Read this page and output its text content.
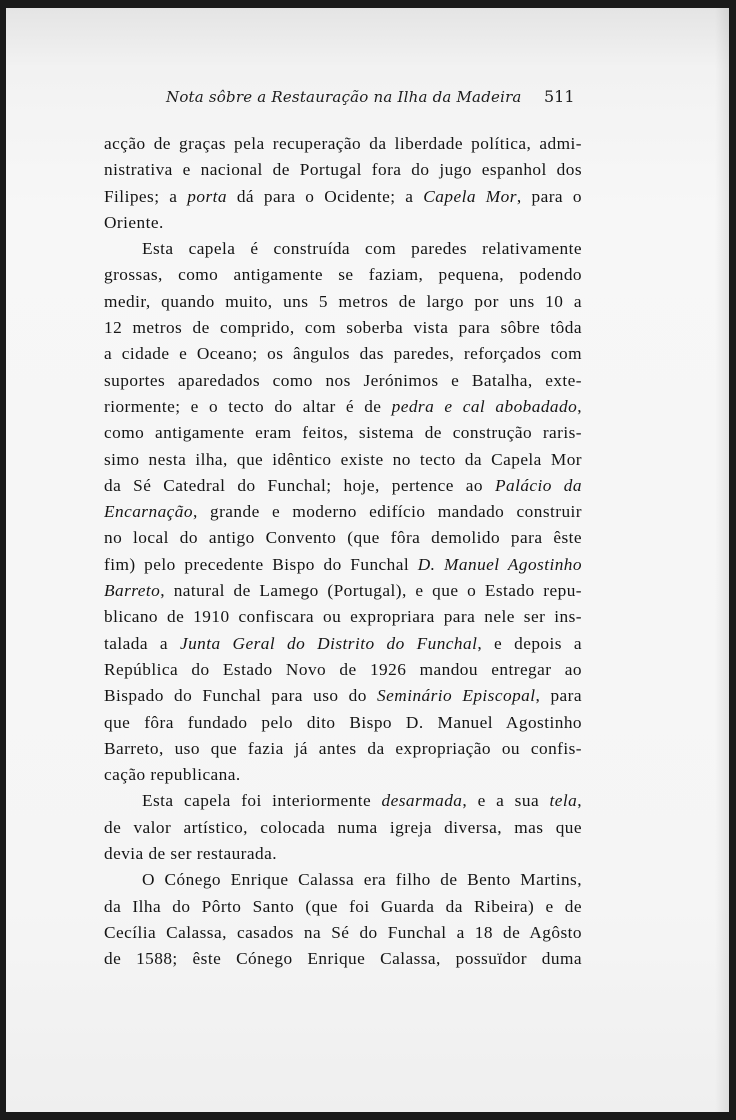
Nota sôbre a Restauração na Ilha da Madeira	511
acção de graças pela recuperação da liberdade política, admi-
nistrativa e nacional de Portugal fora do jugo espanhol dos
Filipes; a porta dá para o Ocidente; a Capela Mor, para o
Oriente.
Esta capela é construída com paredes relativamente
grossas, como antigamente se faziam, pequena, podendo
medir, quando muito, uns 5 metros de largo por uns 10 a
12 metros de comprido, com soberba vista para sôbre tôda
a cidade e Oceano; os ângulos das paredes, reforçados com
suportes aparedados como nos Jerónimos e Batalha, exte-
riormente; e o tecto do altar é de pedra e cal abobadado,
como antigamente eram feitos, sistema de construção raris-
simo nesta ilha, que idêntico existe no tecto da Capela Mor
da Sé Catedral do Funchal; hoje, pertence ao Palácio da
Encarnação, grande e moderno edifício mandado construir
no local do antigo Convento (que fôra demolido para êste
fim) pelo precedente Bispo do Funchal D. Manuel Agostinho
Barreto, natural de Lamego (Portugal), e que o Estado repu-
blicano de 1910 confiscara ou expropriara para nele ser ins-
talada a Junta Geral do Distrito do Funchal, e depois a
República do Estado Novo de 1926 mandou entregar ao
Bispado do Funchal para uso do Seminário Episcopal, para
que fôra fundado pelo dito Bispo D. Manuel Agostinho
Barreto, uso que fazia já antes da expropriação ou confis-
cação republicana.
Esta capela foi interiormente desarmada, e a sua tela,
de valor artístico, colocada numa igreja diversa, mas que
devia de ser restaurada.
O Cónego Enrique Calassa era filho de Bento Martins,
da Ilha do Pôrto Santo (que foi Guarda da Ribeira) e de
Cecília Calassa, casados na Sé do Funchal a 18 de Agôsto
de 1588; êste Cónego Enrique Calassa, possuïdor duma
